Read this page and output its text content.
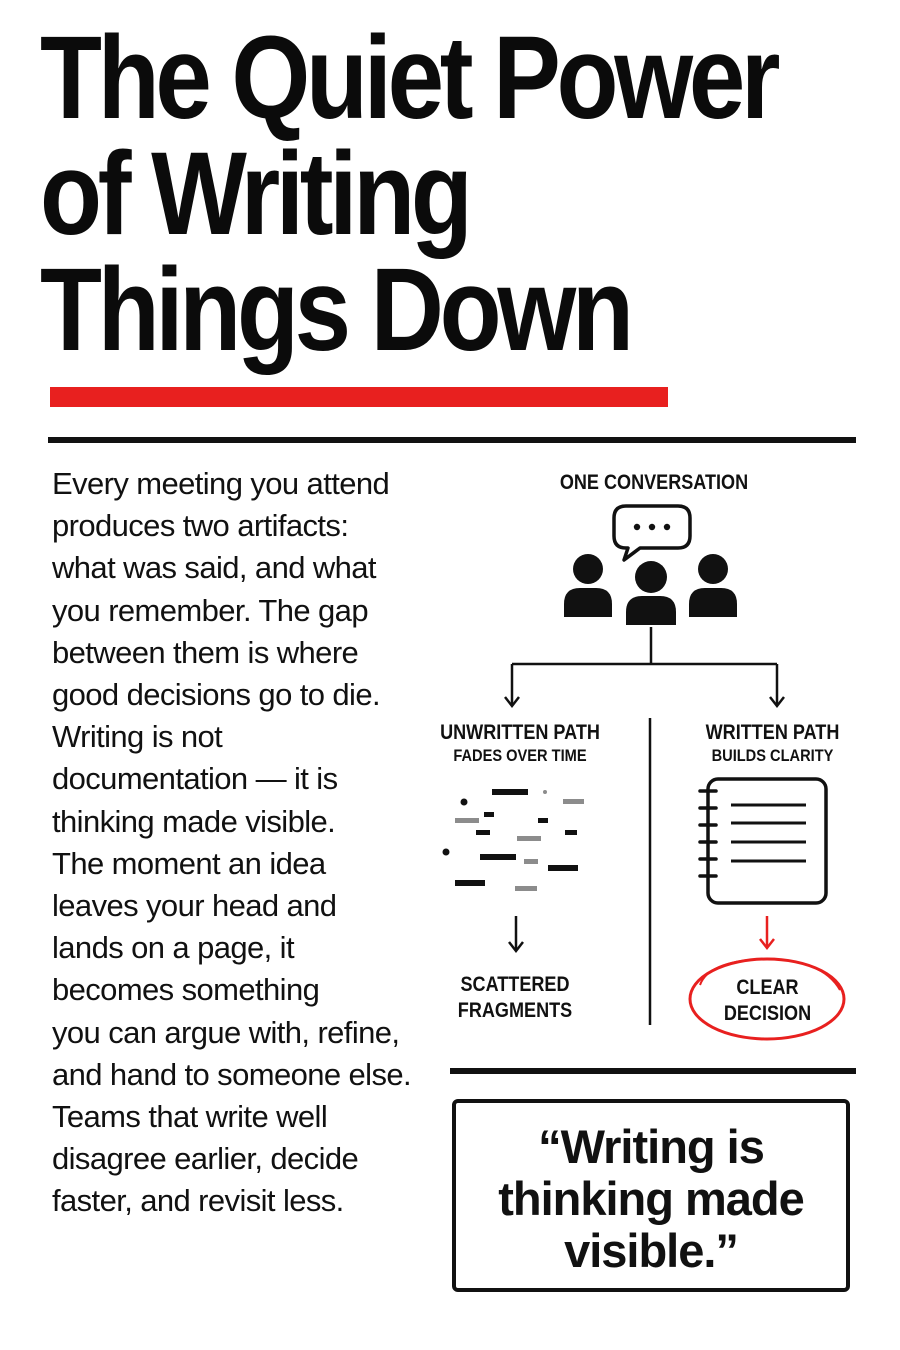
The Quiet Power
of Writing
Things Down
Every meeting you attend
produces two artifacts:
what was said, and what
you remember. The gap
between them is where
good decisions go to die.
Writing is not
documentation — it is
thinking made visible.
The moment an idea
leaves your head and
lands on a page, it
becomes something
you can argue with, refine,
and hand to someone else.
Teams that write well
disagree earlier, decide
faster, and revisit less.
ONE CONVERSATION
UNWRITTEN PATH
FADES OVER TIME
WRITTEN PATH
BUILDS CLARITY
SCATTERED
FRAGMENTS
CLEAR
DECISION
“Writing is
thinking made
visible.”
